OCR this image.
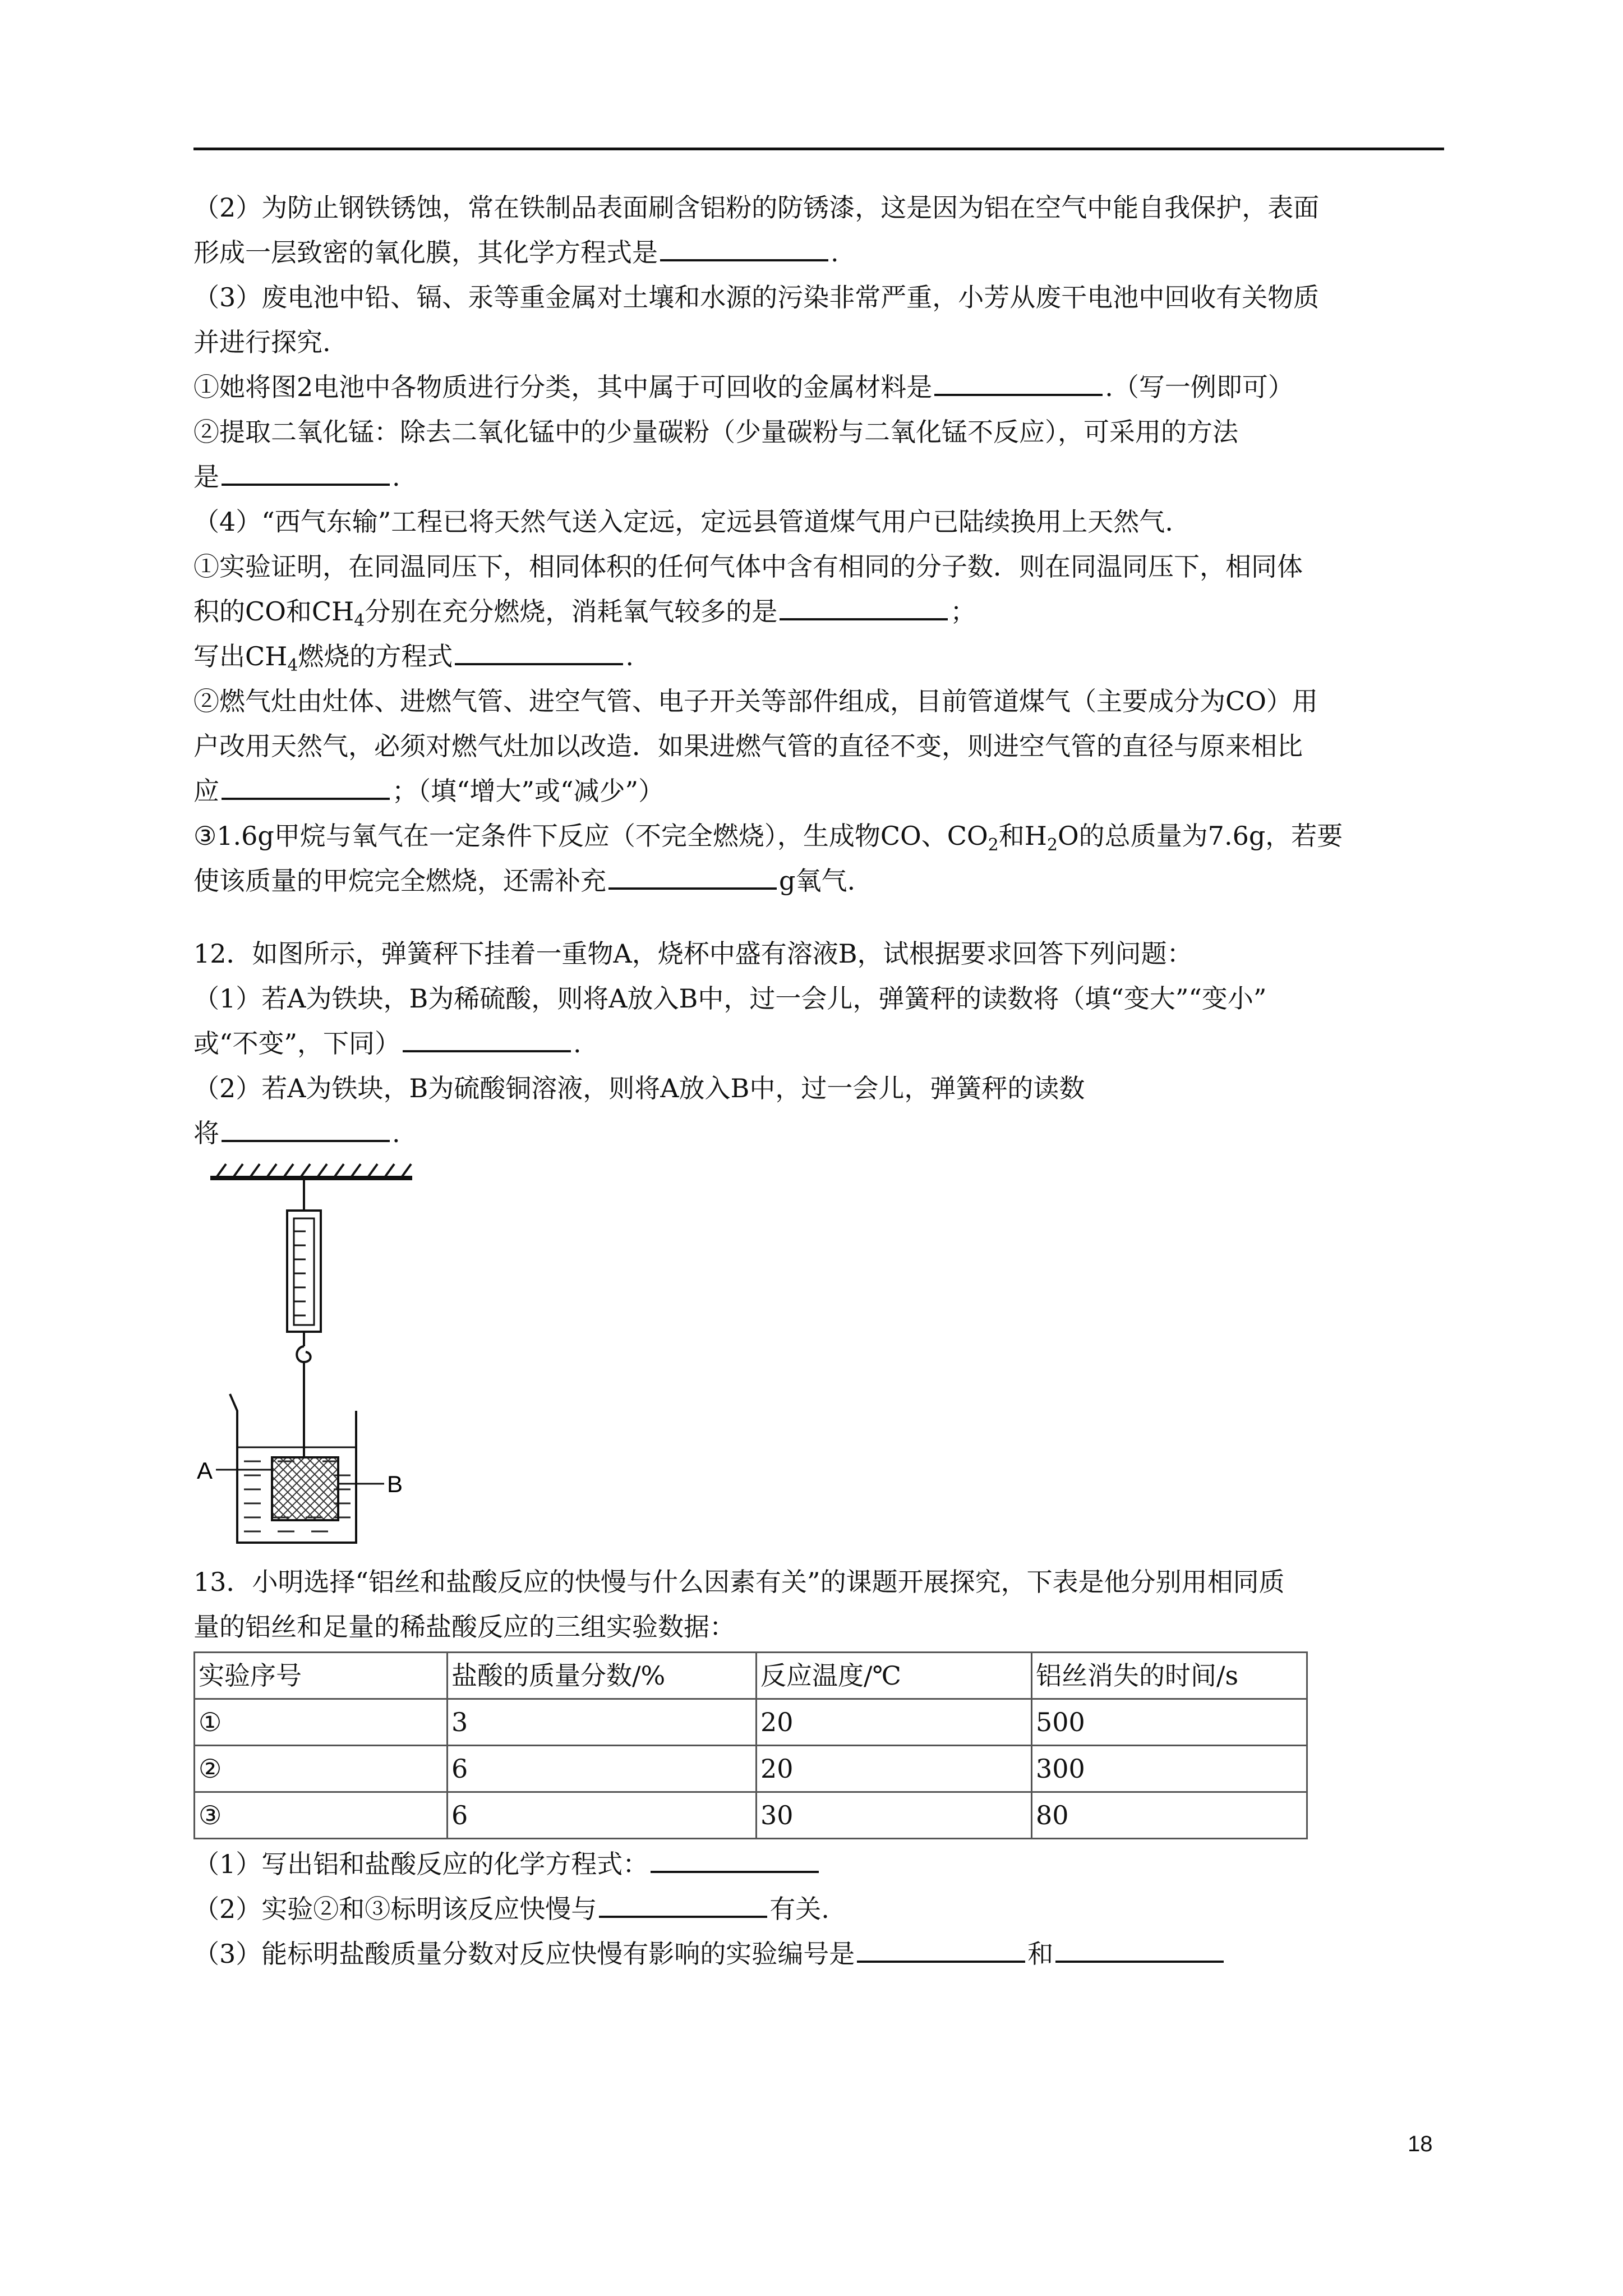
（2）为防止钢铁锈蚀，常在铁制品表面刷含铝粉的防锈漆，这是因为铝在空气中能自我保护，表面
形成一层致密的氧化膜，其化学方程式是	.
（3）废电池中铅、镉、汞等重金属对土壤和水源的污染非常严重，小芳从废干电池中回收有关物质
并进行探究.
①她将图2电池中各物质进行分类，其中属于可回收的金属材料是	.（写一例即可）
②提取二氧化锰：除去二氧化锰中的少量碳粉（少量碳粉与二氧化锰不反应），可采用的方法
是	.
（4）“西气东输”工程已将天然气送入定远，定远县管道煤气用户已陆续换用上天然气.
①实验证明，在同温同压下，相同体积的任何气体中含有相同的分子数．则在同温同压下，相同体
积的CO和$CH_4$分别在充分燃烧，消耗氧气较多的是	；
写出$CH_4$燃烧的方程式	.
②燃气灶由灶体、进燃气管、进空气管、电子开关等部件组成，目前管道煤气（主要成分为CO）用
户改用天然气，必须对燃气灶加以改造．如果进燃气管的直径不变，则进空气管的直径与原来相比
应	；（填“增大”或“减少”）
③1.6g甲烷与氧气在一定条件下反应（不完全燃烧），生成物CO、$CO_2$和$H_2O$的总质量为7.6g，若要
使该质量的甲烷完全燃烧，还需补充	g氧气.
12．如图所示，弹簧秤下挂着一重物A，烧杯中盛有溶液B，试根据要求回答下列问题：
（1）若A为铁块，B为稀硫酸，则将A放入B中，过一会儿，弹簧秤的读数将（填“变大”“变小”
或“不变”，下同）	.
（2）若A为铁块，B为硫酸铜溶液，则将A放入B中，过一会儿，弹簧秤的读数
将	.
A
B
13．小明选择“铝丝和盐酸反应的快慢与什么因素有关”的课题开展探究，下表是他分别用相同质
量的铝丝和足量的稀盐酸反应的三组实验数据：
实验序号	盐酸的质量分数/%	反应温度/℃	铝丝消失的时间/s
①	3	20	500
②	6	20	300
③	6	30	80
（1）写出铝和盐酸反应的化学方程式：
（2）实验②和③标明该反应快慢与	有关.
（3）能标明盐酸质量分数对反应快慢有影响的实验编号是	和
18
